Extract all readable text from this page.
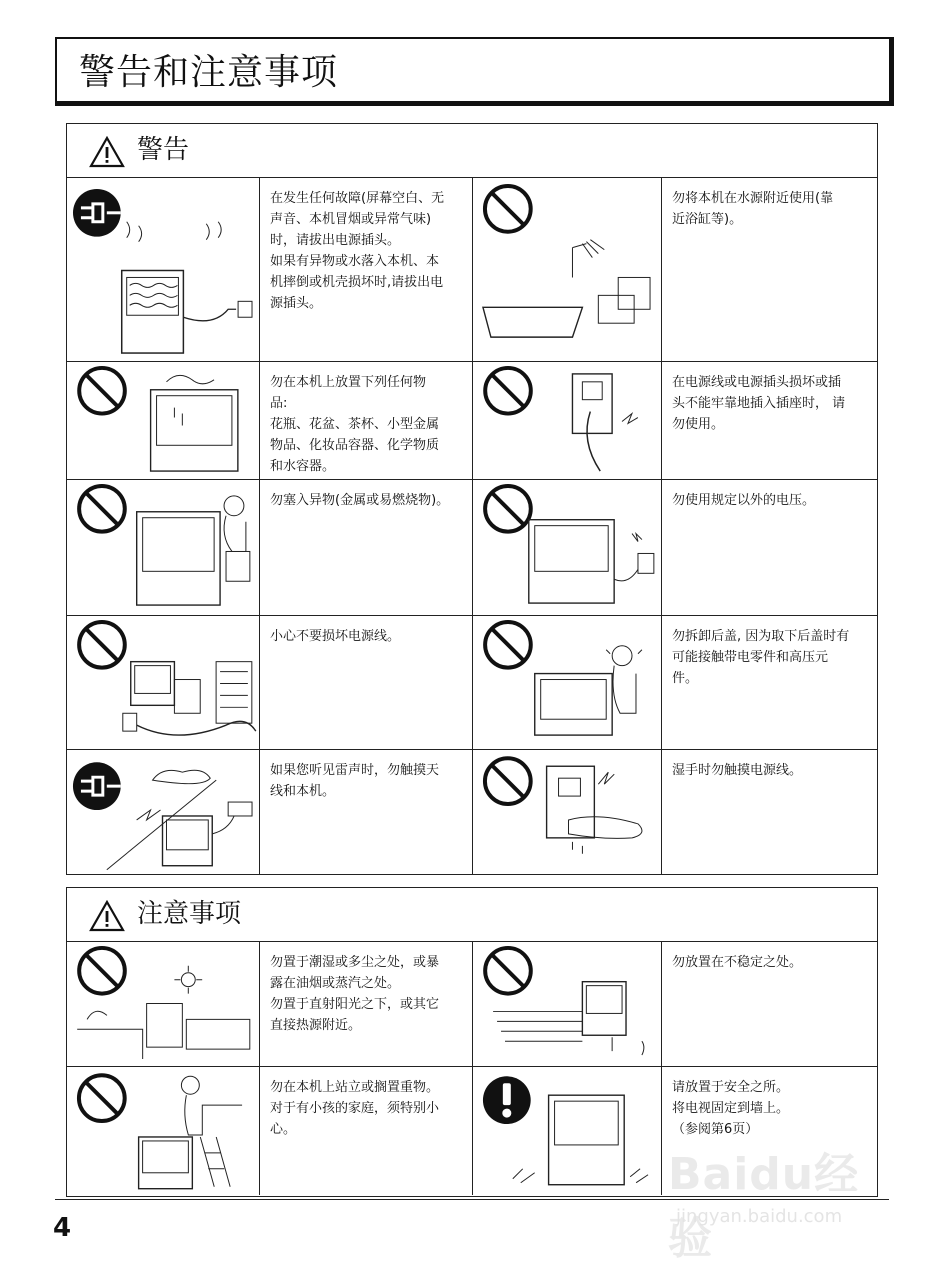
警告和注意事项
警告

在发生任何故障(屏幕空白、无

声音、本机冒烟或异常气味)

时，请拔出电源插头。

如果有异物或水落入本机、本

机摔倒或机壳损坏时,请拔出电

源插头。

勿将本机在水源附近使用(靠

近浴缸等)。

勿在本机上放置下列任何物

品:

花瓶、花盆、茶杯、小型金属

物品、化妆品容器、化学物质

和水容器。

在电源线或电源插头损坏或插

头不能牢靠地插入插座时， 请

勿使用。

勿塞入异物(金属或易燃烧物)。	勿使用规定以外的电压。

小心不要损坏电源线。	勿拆卸后盖, 因为取下后盖时有

可能接触带电零件和高压元

件。

如果您听见雷声时，勿触摸天

线和本机。

湿手时勿触摸电源线。

注意事项

勿置于潮湿或多尘之处，或暴

露在油烟或蒸汽之处。

勿置于直射阳光之下，或其它

直接热源附近。

勿放置在不稳定之处。

勿在本机上站立或搁置重物。

对于有小孩的家庭，须特别小

心。

请放置于安全之所。

将电视固定到墙上。

（参阅第6页）

4
Baidu经验
jingyan.baidu.com
